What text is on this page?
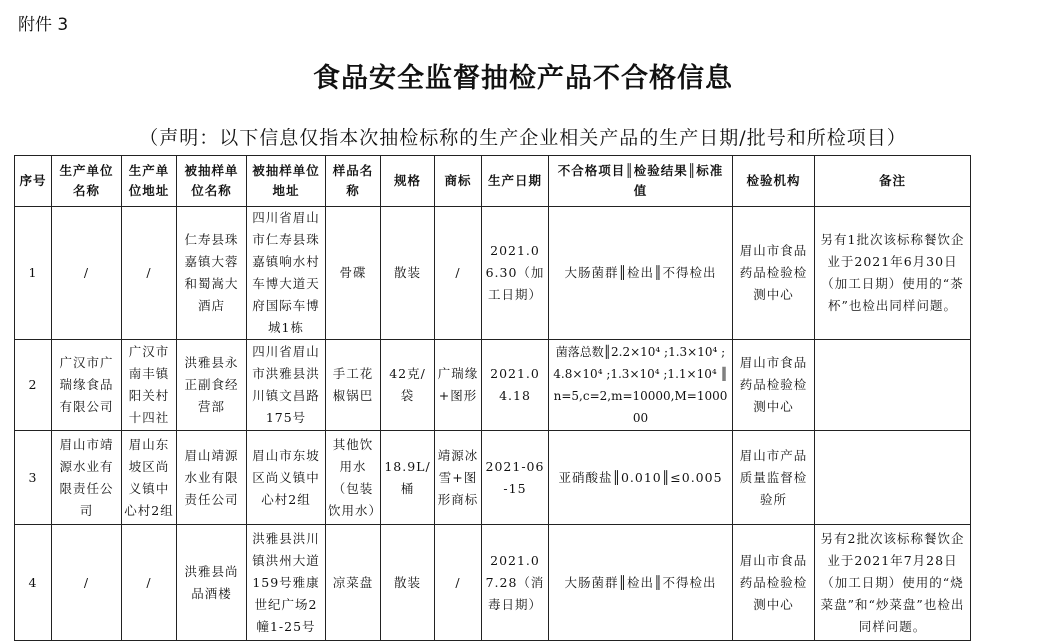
附件 3
食品安全监督抽检产品不合格信息
（声明：以下信息仅指本次抽检标称的生产企业相关产品的生产日期/批号和所检项目）
序号	生产单位名称	生产单位地址	被抽样单位名称	被抽样单位地址	样品名称	规格	商标	生产日期	不合格项目║检验结果║标准值	检验机构	备注
1	/	/	仁寿县珠嘉镇大蓉和蜀嵩大酒店	四川省眉山市仁寿县珠嘉镇响水村车博大道天府国际车博城1栋	骨碟	散装	/	2021.06.30（加工日期）	大肠菌群║检出║不得检出	眉山市食品药品检验检测中心	另有1批次该标称餐饮企业于2021年6月30日（加工日期）使用的“茶杯”也检出同样问题。
2	广汉市广瑞缘食品有限公司	广汉市南丰镇阳关村十四社	洪雅县永正副食经营部	四川省眉山市洪雅县洪川镇文昌路175号	手工花椒锅巴	42克/袋	广瑞缘+图形	2021.04.18	菌落总数║2.2×10⁴ ;1.3×10⁴ ;4.8×10⁴ ;1.3×10⁴ ;1.1×10⁴ ║ n=5,c=2,m=10000,M=100000	眉山市食品药品检验检测中心	
3	眉山市靖源水业有限责任公司	眉山东坡区尚义镇中心村2组	眉山靖源水业有限责任公司	眉山市东坡区尚义镇中心村2组	其他饮用水（包装饮用水）	18.9L/桶	靖源冰雪+图形商标	2021-06-15	亚硝酸盐║0.010║≤0.005	眉山市产品质量监督检验所	
4	/	/	洪雅县尚品酒楼	洪雅县洪川镇洪州大道159号雅康世纪广场2幢1-25号	凉菜盘	散装	/	2021.07.28（消毒日期）	大肠菌群║检出║不得检出	眉山市食品药品检验检测中心	另有2批次该标称餐饮企业于2021年7月28日（加工日期）使用的“烧菜盘”和“炒菜盘”也检出同样问题。
